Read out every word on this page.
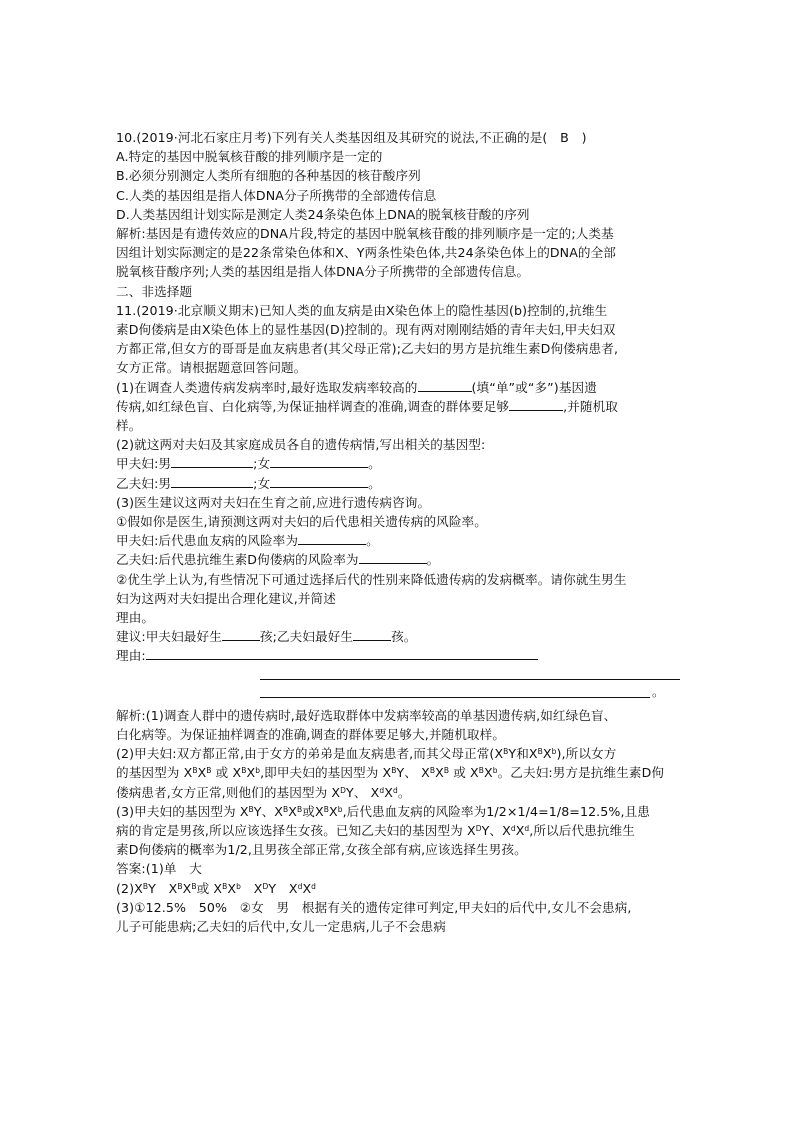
10.(2019·河北石家庄月考)下列有关人类基因组及其研究的说法,不正确的是(　B　)
A.特定的基因中脱氧核苷酸的排列顺序是一定的
B.必须分别测定人类所有细胞的各种基因的核苷酸序列
C.人类的基因组是指人体DNA分子所携带的全部遗传信息
D.人类基因组计划实际是测定人类24条染色体上DNA的脱氧核苷酸的序列
解析:基因是有遗传效应的DNA片段,特定的基因中脱氧核苷酸的排列顺序是一定的;人类基
因组计划实际测定的是22条常染色体和X、Y两条性染色体,共24条染色体上的DNA的全部
脱氧核苷酸序列;人类的基因组是指人体DNA分子所携带的全部遗传信息。
二、非选择题
11.(2019·北京顺义期末)已知人类的血友病是由X染色体上的隐性基因(b)控制的,抗维生
素D佝偻病是由X染色体上的显性基因(D)控制的。现有两对刚刚结婚的青年夫妇,甲夫妇双
方都正常,但女方的哥哥是血友病患者(其父母正常);乙夫妇的男方是抗维生素D佝偻病患者,
女方正常。请根据题意回答问题。
(1)在调查人类遗传病发病率时,最好选取发病率较高的	(填“单”或“多”)基因遗
传病,如红绿色盲、白化病等,为保证抽样调查的准确,调查的群体要足够	,并随机取
样。
(2)就这两对夫妇及其家庭成员各自的遗传病情,写出相关的基因型:
甲夫妇:男	;女	。
乙夫妇:男	;女	。
(3)医生建议这两对夫妇在生育之前,应进行遗传病咨询。
①假如你是医生,请预测这两对夫妇的后代患相关遗传病的风险率。
甲夫妇:后代患血友病的风险率为	。
乙夫妇:后代患抗维生素D佝偻病的风险率为	。
②优生学上认为,有些情况下可通过选择后代的性别来降低遗传病的发病概率。请你就生男生
妇为这两对夫妇提出合理化建议,并简述
理由。
建议:甲夫妇最好生	孩;乙夫妇最好生	孩。
理由:
。
解析:(1)调查人群中的遗传病时,最好选取群体中发病率较高的单基因遗传病,如红绿色盲、
白化病等。为保证抽样调查的准确,调查的群体要足够大,并随机取样。
(2)甲夫妇:双方都正常,由于女方的弟弟是血友病患者,而其父母正常($X^BY$和$X^BX^b$),所以女方
的基因型为 $X^BX^B$ 或 $X^BX^b$,即甲夫妇的基因型为 $X^BY$、 $X^BX^B$ 或 $X^BX^b$。乙夫妇:男方是抗维生素D佝
偻病患者,女方正常,则他们的基因型为 $X^DY$、 $X^dX^d$。
(3)甲夫妇的基因型为 $X^BY$、$X^BX^B$或$X^BX^b$,后代患血友病的风险率为1/2×1/4=1/8=12.5%,且患
病的肯定是男孩,所以应该选择生女孩。已知乙夫妇的基因型为 $X^DY$、$X^dX^d$,所以后代患抗维生
素D佝偻病的概率为1/2,且男孩全部正常,女孩全部有病,应该选择生男孩。
答案:(1)单　大
$(2)X^BY$　 $X^BX^B$或 $X^BX^b$　 $X^DY$　 $X^dX^d$
(3)①12.5%　50%　②女　男　根据有关的遗传定律可判定,甲夫妇的后代中,女儿不会患病,
儿子可能患病;乙夫妇的后代中,女儿一定患病,儿子不会患病
